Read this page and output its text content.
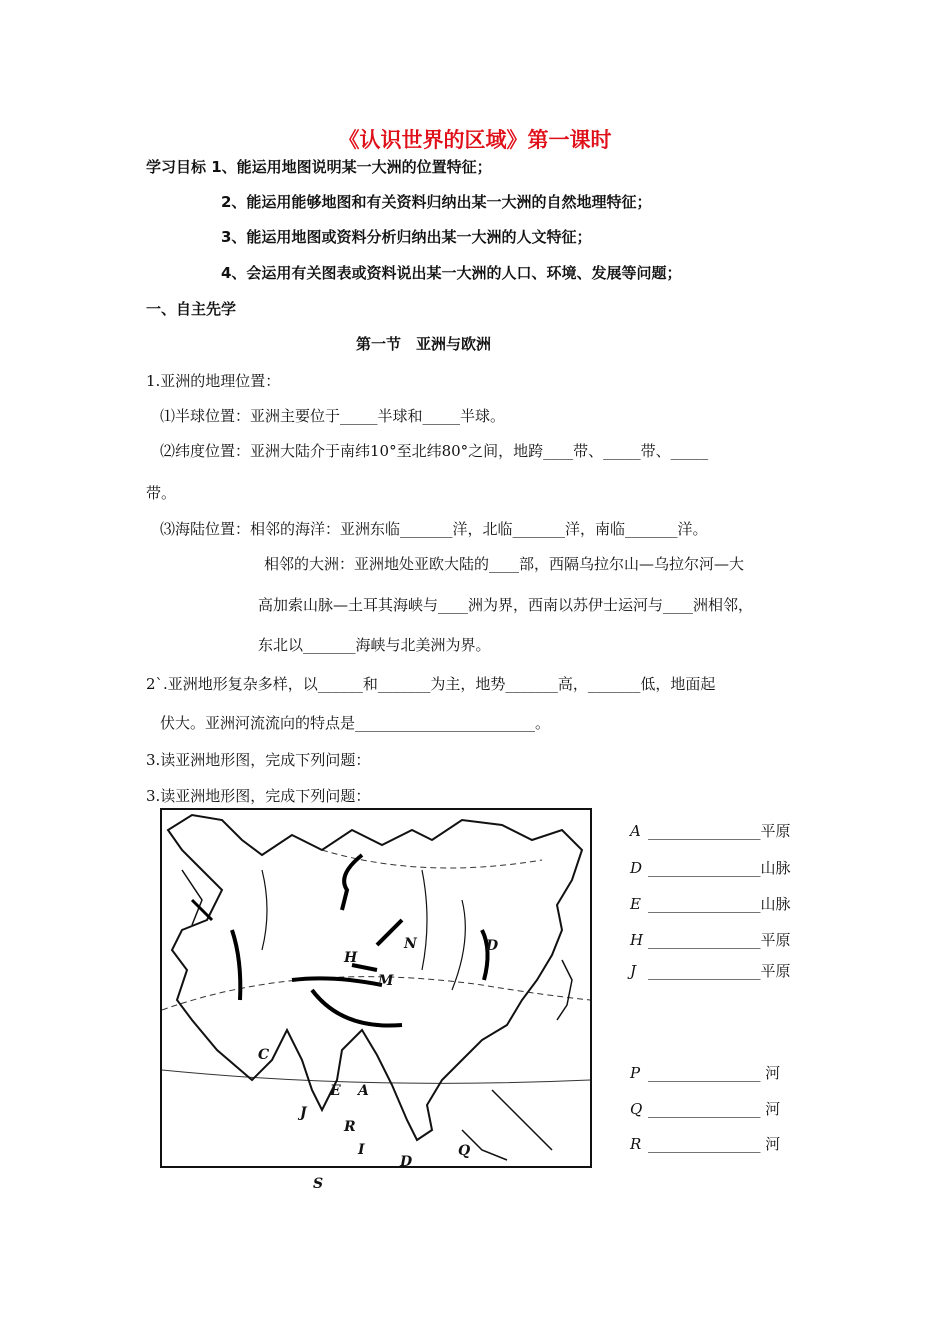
《认识世界的区域》第一课时
学习目标 1、能运用地图说明某一大洲的位置特征；
2、能运用能够地图和有关资料归纳出某一大洲的自然地理特征；
3、能运用地图或资料分析归纳出某一大洲的人文特征；
4、会运用有关图表或资料说出某一大洲的人口、环境、发展等问题；
一、自主先学
第一节　亚洲与欧洲
1.亚洲的地理位置：
⑴半球位置：亚洲主要位于_____半球和_____半球。
⑵纬度位置：亚洲大陆介于南纬10°至北纬80°之间，地跨____带、_____带、_____
带。
⑶海陆位置：相邻的海洋：亚洲东临_______洋，北临_______洋，南临_______洋。
相邻的大洲：亚洲地处亚欧大陆的____部，西隔乌拉尔山—乌拉尔河—大
高加索山脉—土耳其海峡与____洲为界，西南以苏伊士运河与____洲相邻，
东北以_______海峡与北美洲为界。
2`.亚洲地形复杂多样，以______和_______为主，地势_______高，_______低，地面起
伏大。亚洲河流流向的特点是________________________。
3.读亚洲地形图，完成下列问题：
3.读亚洲地形图，完成下列问题：
N	D
H
M
C
E A
J
R
I	Q
D
S
A _______________平原
D _______________山脉
E _______________山脉
H _______________平原
J _______________平原
P _______________ 河
Q _______________ 河
R _______________ 河
